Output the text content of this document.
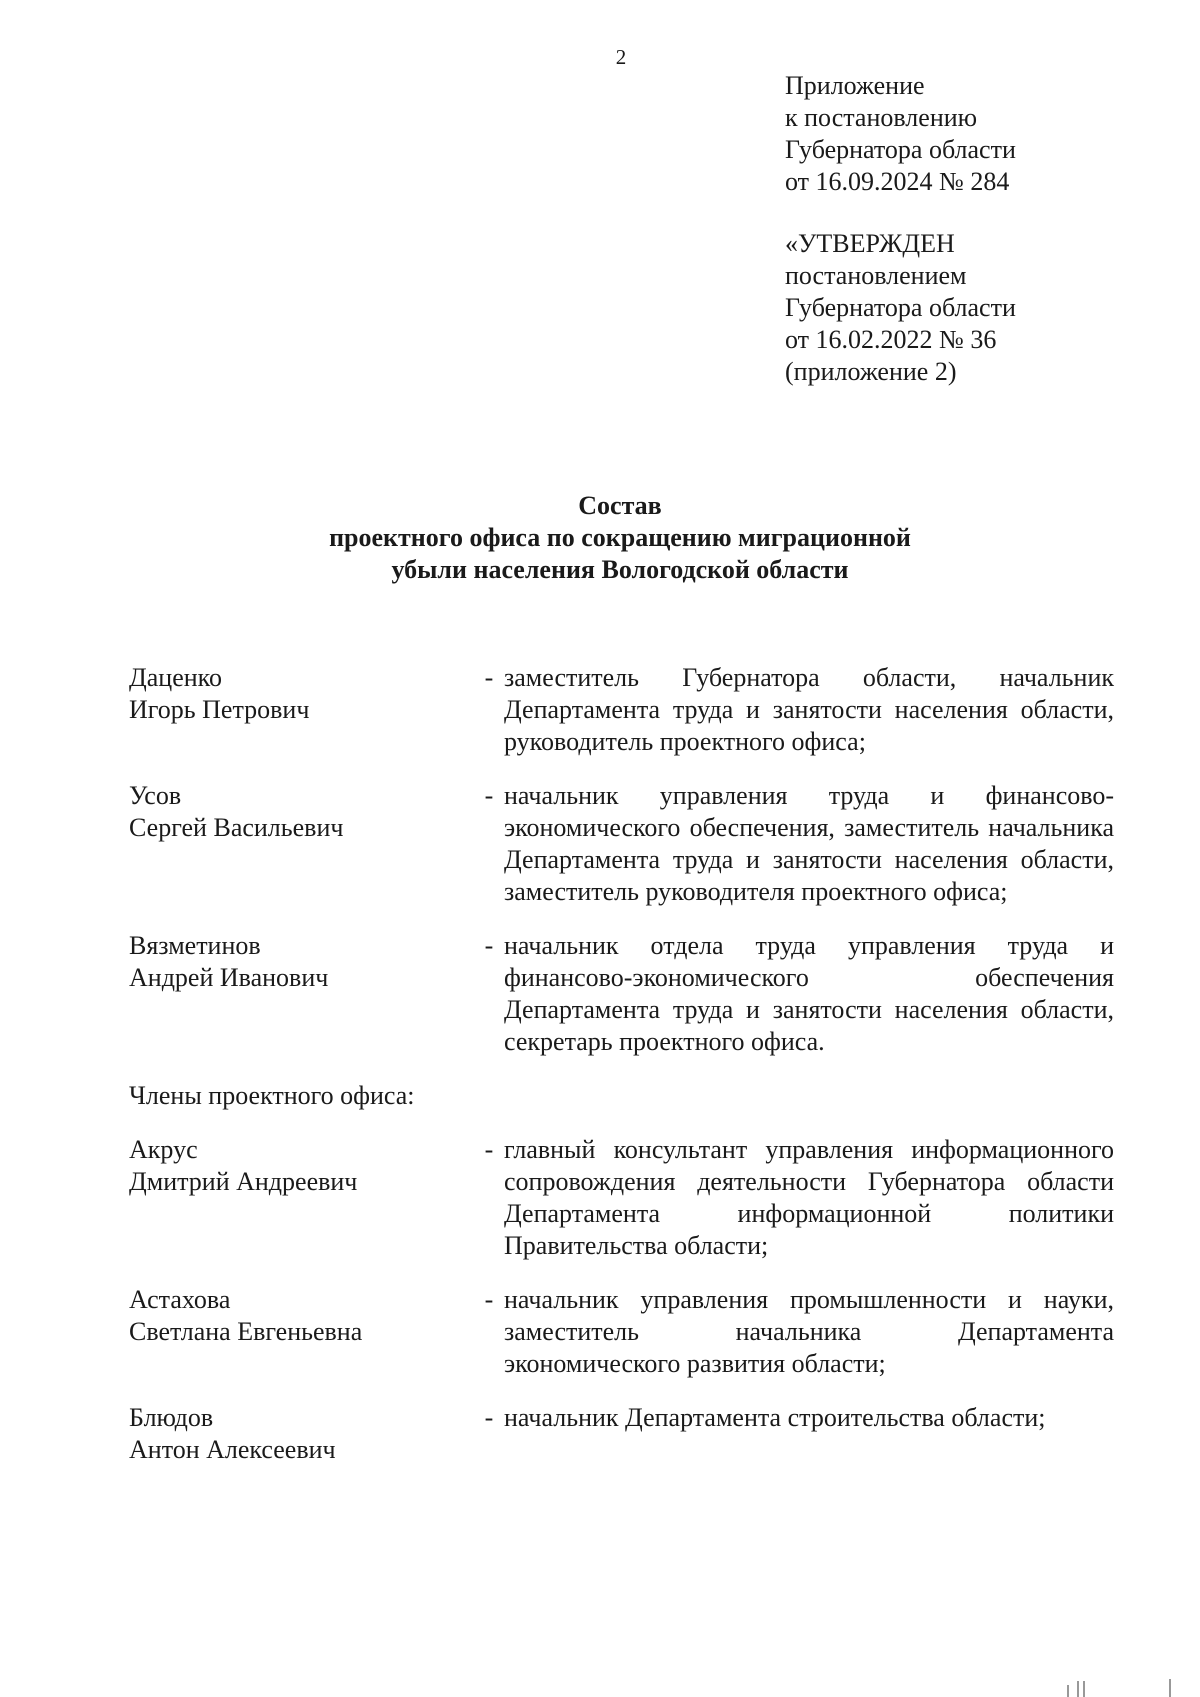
2
Приложение
к постановлению
Губернатора области
от 16.09.2024 № 284
«УТВЕРЖДЕН
постановлением
Губернатора области
от 16.02.2022 № 36
(приложение 2)
Состав
проектного офиса по сокращению миграционной
убыли населения Вологодской области
Даценко
Игорь Петрович
- заместитель Губернатора области, начальник Департамента труда и занятости населения области, руководитель проектного офиса;
Усов
Сергей Васильевич
- начальник управления труда и финансово-экономического обеспечения, заместитель начальника Департамента труда и занятости населения области, заместитель руководителя проектного офиса;
Вязметинов
Андрей Иванович
- начальник отдела труда управления труда и финансово-экономического обеспечения Департамента труда и занятости населения области, секретарь проектного офиса.
Члены проектного офиса:
Акрус
Дмитрий Андреевич
- главный консультант управления информационного сопровождения деятельности Губернатора области Департамента информационной политики Правительства области;
Астахова
Светлана Евгеньевна
- начальник управления промышленности и науки, заместитель начальника Департамента экономического развития области;
Блюдов
Антон Алексеевич
- начальник Департамента строительства области;
